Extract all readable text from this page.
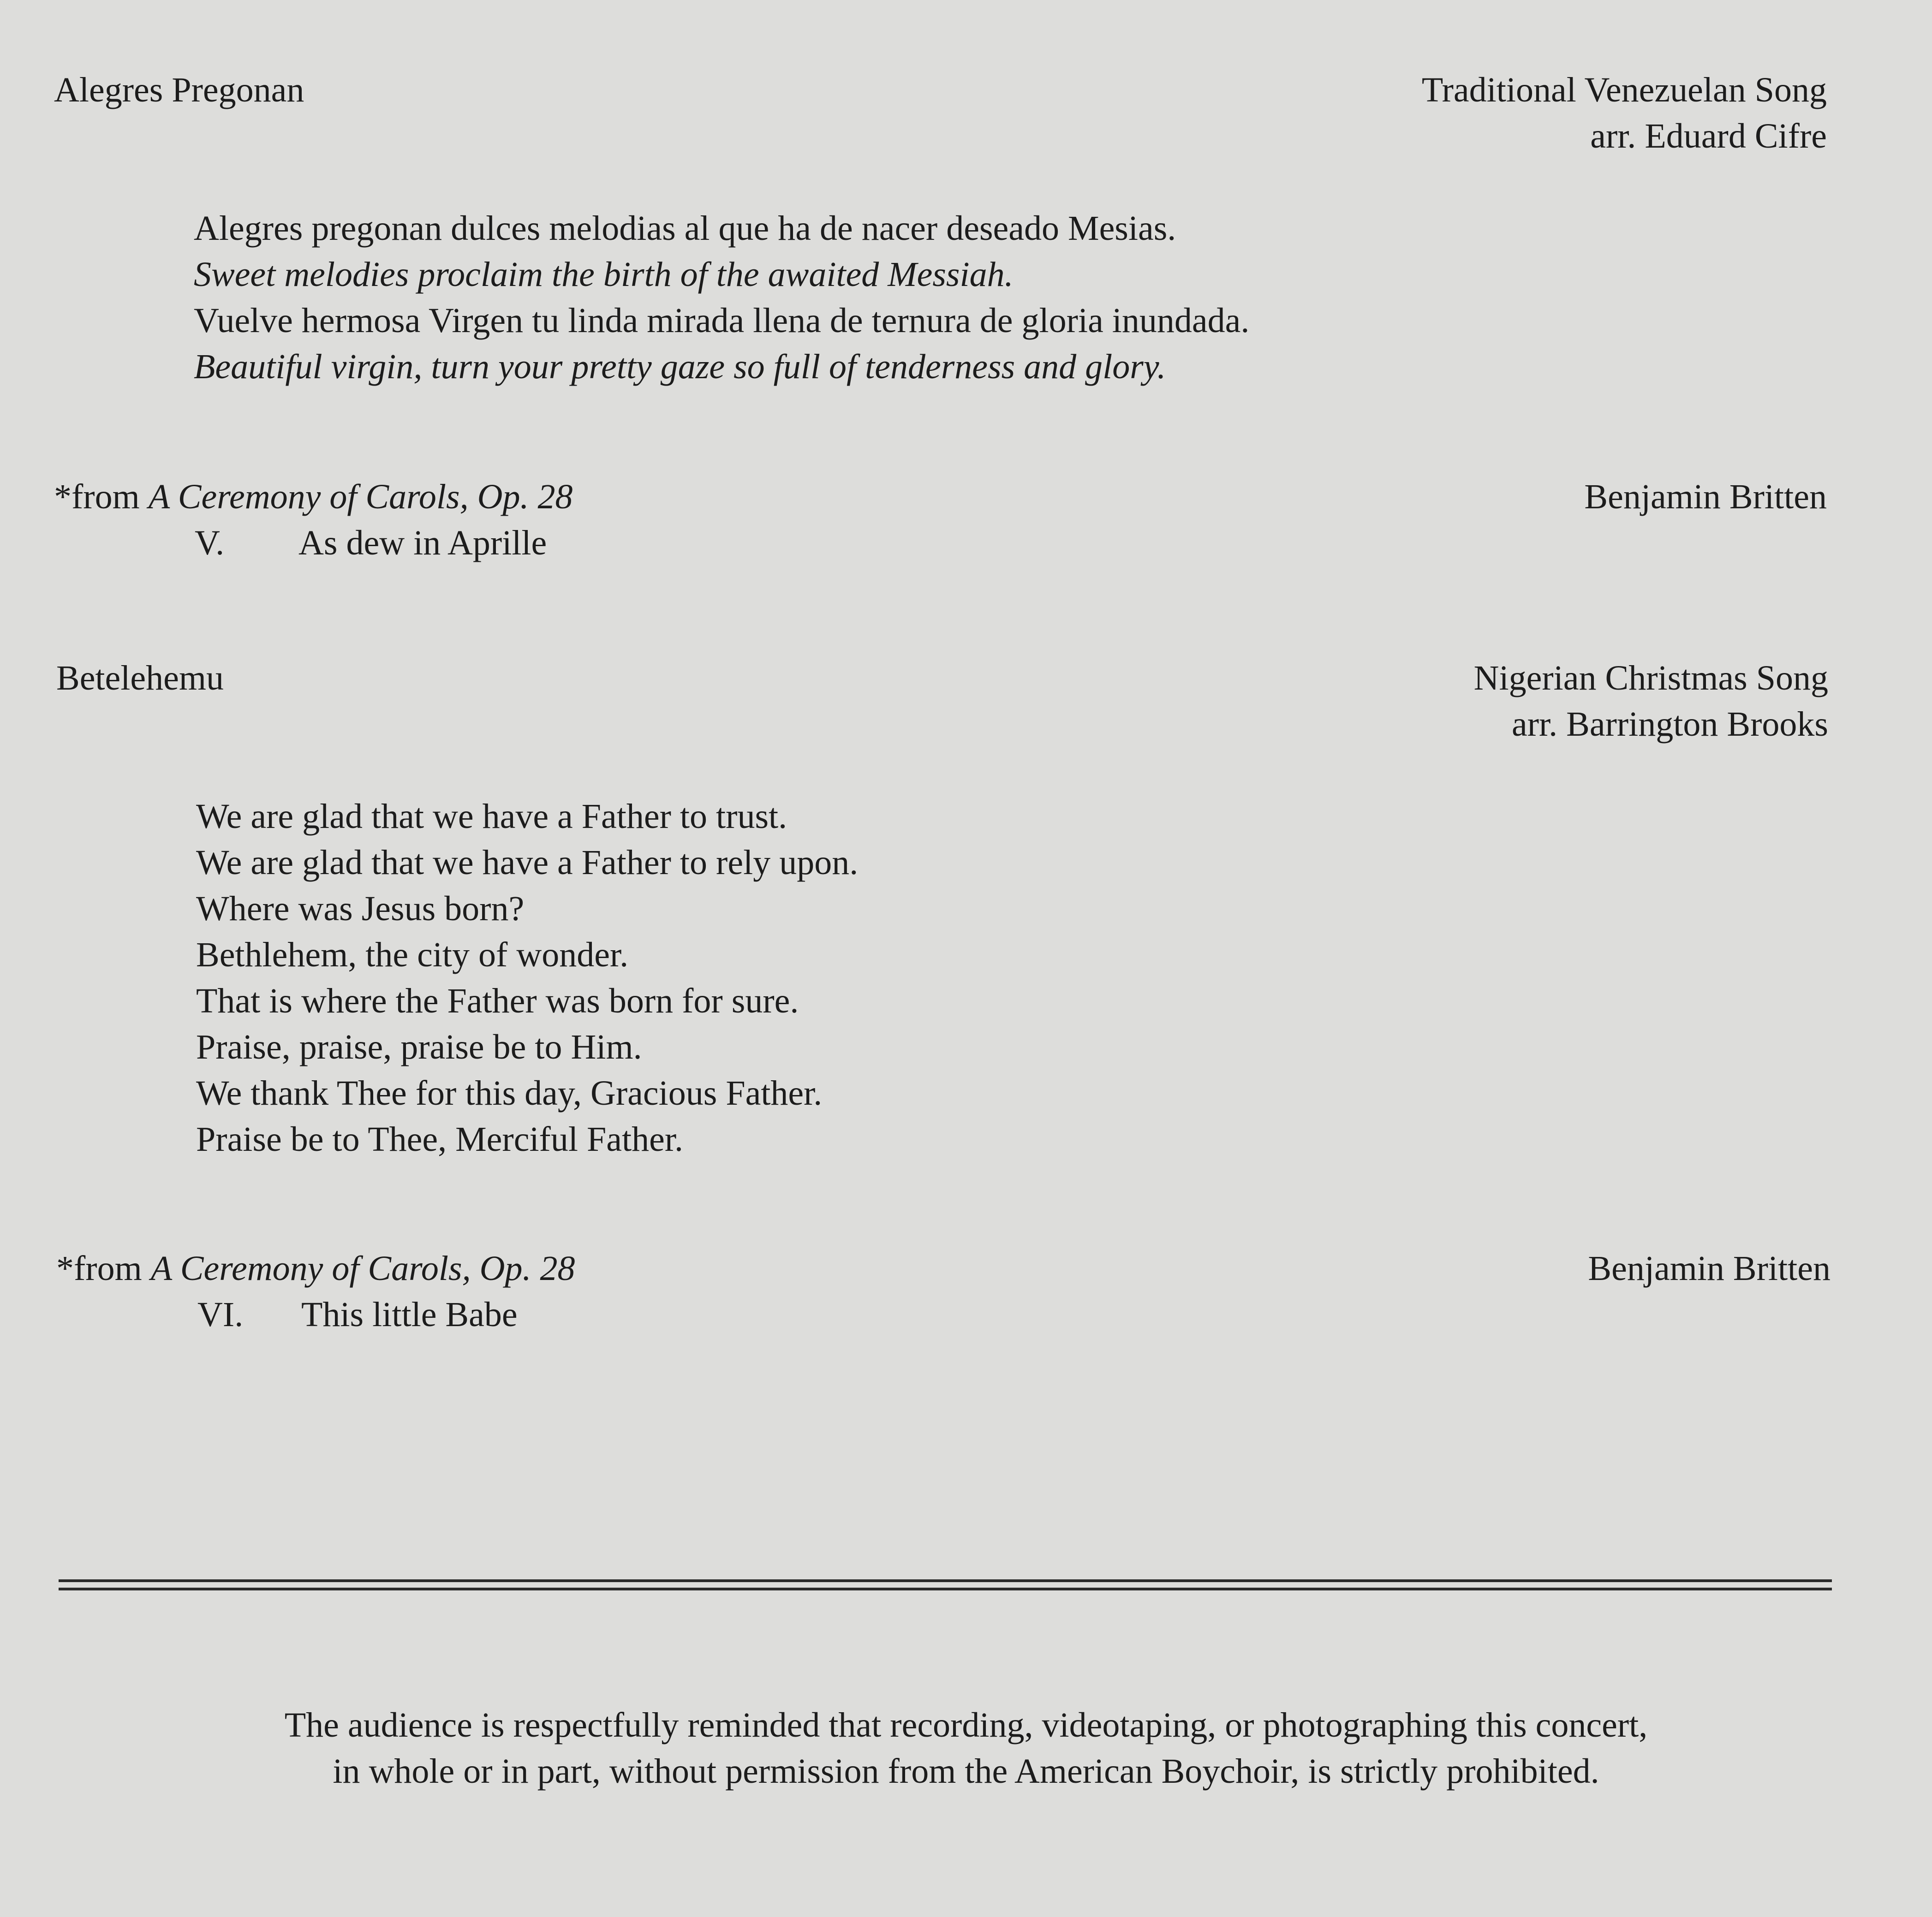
Alegres Pregonan	Traditional Venezuelan Song
arr. Eduard Cifre
Alegres pregonan dulces melodias al que ha de nacer deseado Mesias.
Sweet melodies proclaim the birth of the awaited Messiah.
Vuelve hermosa Virgen tu linda mirada llena de ternura de gloria inundada.
Beautiful virgin, turn your pretty gaze so full of tenderness and glory.
*from A Ceremony of Carols, Op. 28	Benjamin Britten
V. As dew in Aprille
Betelehemu	Nigerian Christmas Song
arr. Barrington Brooks
We are glad that we have a Father to trust.
We are glad that we have a Father to rely upon.
Where was Jesus born?
Bethlehem, the city of wonder.
That is where the Father was born for sure.
Praise, praise, praise be to Him.
We thank Thee for this day, Gracious Father.
Praise be to Thee, Merciful Father.
*from A Ceremony of Carols, Op. 28	Benjamin Britten
VI. This little Babe
The audience is respectfully reminded that recording, videotaping, or photographing this concert,
in whole or in part, without permission from the American Boychoir, is strictly prohibited.
